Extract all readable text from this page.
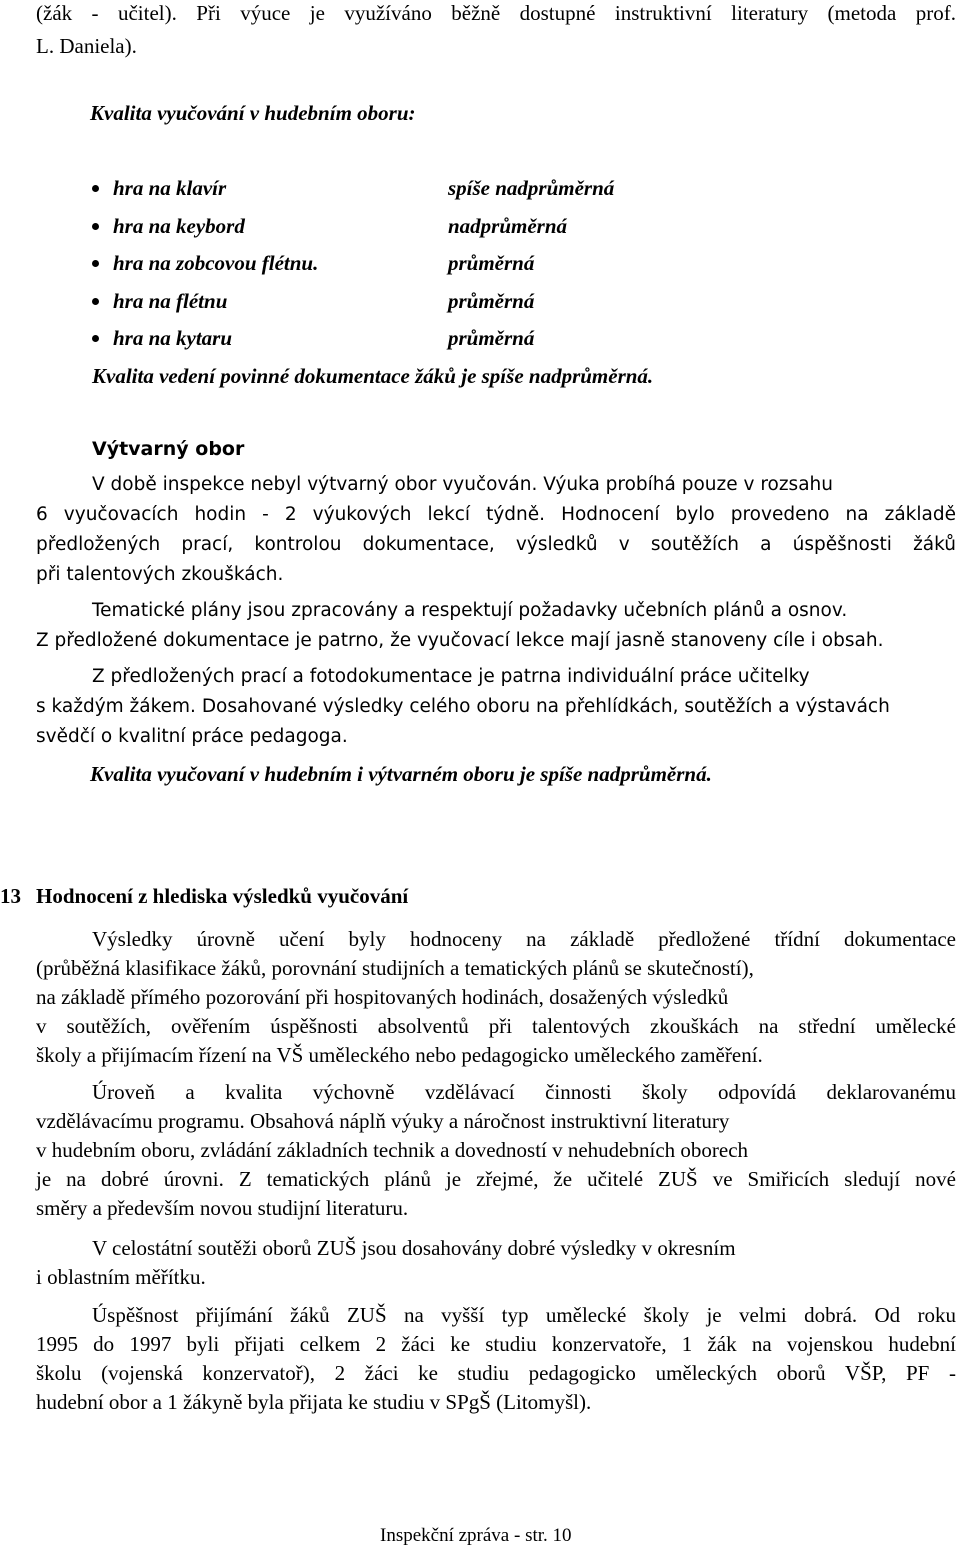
(žák - učitel). Při výuce je využíváno běžně dostupné instruktivní literatury (metoda prof.

L. Daniela).

Kvalita vyučování v hudebním oboru:

hra na klavír	spíše nadprůměrná
hra na keybord	nadprůměrná
hra na zobcovou flétnu.	průměrná
hra na flétnu	průměrná
hra na kytaru	průměrná

Kvalita vedení povinné dokumentace žáků je spíše nadprůměrná.

Výtvarný obor

V době inspekce nebyl výtvarný obor vyučován. Výuka probíhá pouze v rozsahu

6 vyučovacích hodin - 2 výukových lekcí týdně. Hodnocení bylo provedeno na základě

předložených prací, kontrolou dokumentace, výsledků v soutěžích a úspěšnosti žáků

při talentových zkouškách.

Tematické plány jsou zpracovány a respektují požadavky učebních plánů a osnov.

Z předložené dokumentace je patrno, že vyučovací lekce mají jasně stanoveny cíle i obsah.

Z předložených prací a fotodokumentace je patrna individuální práce učitelky

s každým žákem. Dosahované výsledky celého oboru na přehlídkách, soutěžích a výstavách

svědčí o kvalitní práce pedagoga.

Kvalita vyučovaní v hudebním i výtvarném oboru je spíše nadprůměrná.

13 Hodnocení z hlediska výsledků vyučování

Výsledky úrovně učení byly hodnoceny na základě předložené třídní dokumentace

(průběžná klasifikace žáků, porovnání studijních a tematických plánů se skutečností),

na základě přímého pozorování při hospitovaných hodinách, dosažených výsledků

v soutěžích, ověřením úspěšnosti absolventů při talentových zkouškách na střední umělecké

školy a přijímacím řízení na VŠ uměleckého nebo pedagogicko uměleckého zaměření.

Úroveň a kvalita výchovně vzdělávací činnosti školy odpovídá deklarovanému

vzdělávacímu programu. Obsahová náplň výuky a náročnost instruktivní literatury

v hudebním oboru, zvládání základních technik a dovedností v nehudebních oborech

je na dobré úrovni. Z tematických plánů je zřejmé, že učitelé ZUŠ ve Smiřicích sledují nové

směry a především novou studijní literaturu.

V celostátní soutěži oborů ZUŠ jsou dosahovány dobré výsledky v okresním

i oblastním měřítku.

Úspěšnost přijímání žáků ZUŠ na vyšší typ umělecké školy je velmi dobrá. Od roku

1995 do 1997 byli přijati celkem 2 žáci ke studiu konzervatoře, 1 žák na vojenskou hudební

školu (vojenská konzervatoř), 2 žáci ke studiu pedagogicko uměleckých oborů VŠP, PF -

hudební obor a 1 žákyně byla přijata ke studiu v SPgŠ (Litomyšl).

Inspekční zpráva - str. 10
